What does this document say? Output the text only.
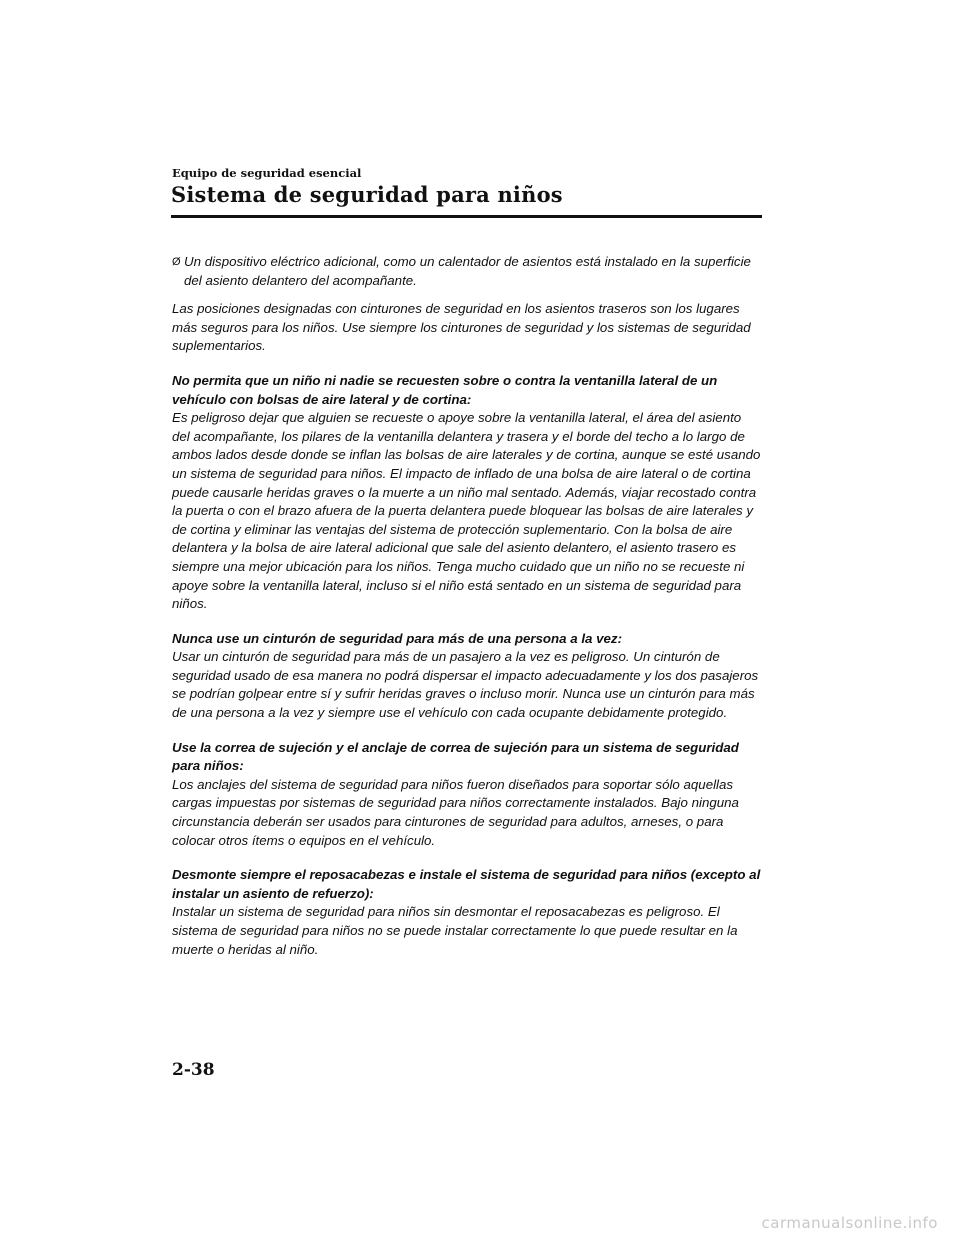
Equipo de seguridad esencial
Sistema de seguridad para niños
Ø Un dispositivo eléctrico adicional, como un calentador de asientos está instalado en la superficie del asiento delantero del acompañante.

Las posiciones designadas con cinturones de seguridad en los asientos traseros son los lugares más seguros para los niños. Use siempre los cinturones de seguridad y los sistemas de seguridad suplementarios.

No permita que un niño ni nadie se recuesten sobre o contra la ventanilla lateral de un vehículo con bolsas de aire lateral y de cortina:
Es peligroso dejar que alguien se recueste o apoye sobre la ventanilla lateral, el área del asiento del acompañante, los pilares de la ventanilla delantera y trasera y el borde del techo a lo largo de ambos lados desde donde se inflan las bolsas de aire laterales y de cortina, aunque se esté usando un sistema de seguridad para niños. El impacto de inflado de una bolsa de aire lateral o de cortina puede causarle heridas graves o la muerte a un niño mal sentado. Además, viajar recostado contra la puerta o con el brazo afuera de la puerta delantera puede bloquear las bolsas de aire laterales y de cortina y eliminar las ventajas del sistema de protección suplementario. Con la bolsa de aire delantera y la bolsa de aire lateral adicional que sale del asiento delantero, el asiento trasero es siempre una mejor ubicación para los niños. Tenga mucho cuidado que un niño no se recueste ni apoye sobre la ventanilla lateral, incluso si el niño está sentado en un sistema de seguridad para niños.

Nunca use un cinturón de seguridad para más de una persona a la vez:
Usar un cinturón de seguridad para más de un pasajero a la vez es peligroso. Un cinturón de seguridad usado de esa manera no podrá dispersar el impacto adecuadamente y los dos pasajeros se podrían golpear entre sí y sufrir heridas graves o incluso morir. Nunca use un cinturón para más de una persona a la vez y siempre use el vehículo con cada ocupante debidamente protegido.

Use la correa de sujeción y el anclaje de correa de sujeción para un sistema de seguridad para niños:
Los anclajes del sistema de seguridad para niños fueron diseñados para soportar sólo aquellas cargas impuestas por sistemas de seguridad para niños correctamente instalados. Bajo ninguna circunstancia deberán ser usados para cinturones de seguridad para adultos, arneses, o para colocar otros ítems o equipos en el vehículo.

Desmonte siempre el reposacabezas e instale el sistema de seguridad para niños (excepto al instalar un asiento de refuerzo):
Instalar un sistema de seguridad para niños sin desmontar el reposacabezas es peligroso. El sistema de seguridad para niños no se puede instalar correctamente lo que puede resultar en la muerte o heridas al niño.

2-38
carmanualsonline.info
